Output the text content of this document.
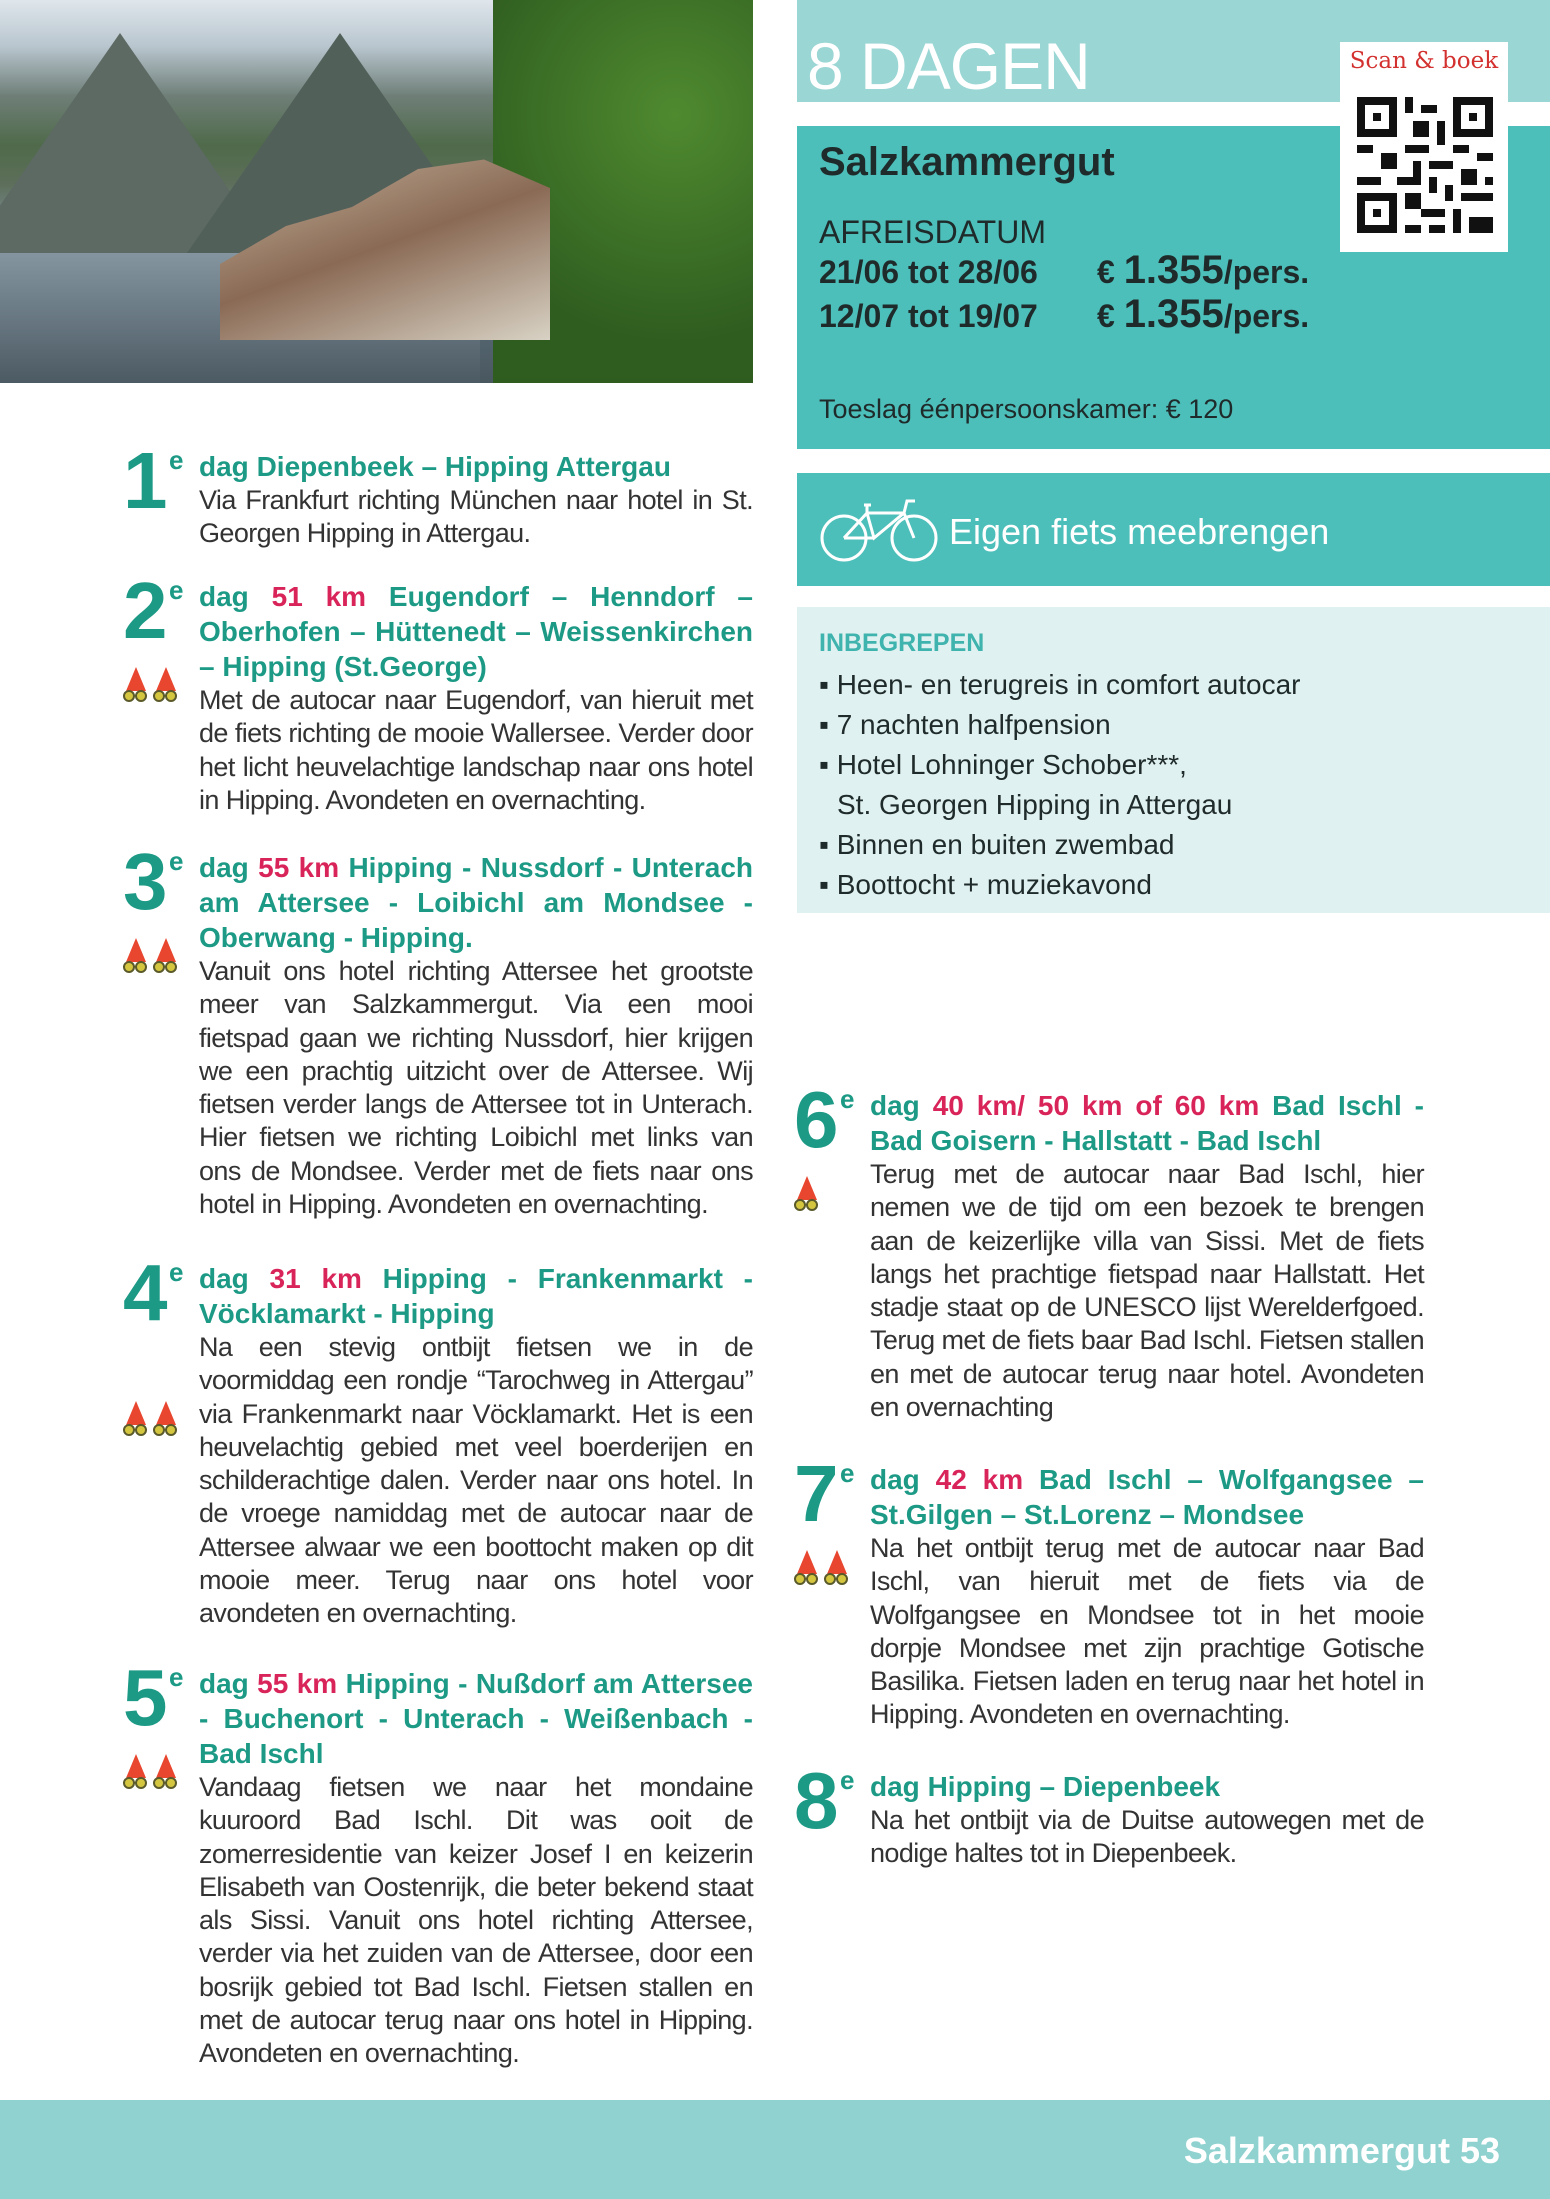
8 DAGEN
Salzkammergut
AFREISDATUM
21/06 tot 28/06 € 1.355/pers.
12/07 tot 19/07 € 1.355/pers.
Toeslag éénpersoonskamer: € 120
Scan & boek
Eigen fiets meebrengen
INBEGREPEN
▪ Heen- en terugreis in comfort autocar
▪ 7 nachten halfpension
▪ Hotel Lohninger Schober***,
St. Georgen Hipping in Attergau
▪ Binnen en buiten zwembad
▪ Boottocht + muziekavond
1 e dag Diepenbeek – Hipping Attergau
Via Frankfurt richting München naar hotel in St. Georgen Hipping in Attergau.
2 e dag 51 km Eugendorf – Henndorf – Oberhofen – Hüttenedt – Weissenkirchen – Hipping (St.George)
Met de autocar naar Eugendorf, van hieruit met de fiets richting de mooie Wallersee. Verder door het licht heuvelachtige landschap naar ons hotel in Hipping. Avondeten en overnachting.
3 e dag 55 km Hipping - Nussdorf - Unterach am Attersee - Loibichl am Mondsee - Oberwang - Hipping.
Vanuit ons hotel richting Attersee het grootste meer van Salzkammergut. Via een mooi fietspad gaan we richting Nussdorf, hier krijgen we een prachtig uitzicht over de Attersee. Wij fietsen verder langs de Attersee tot in Unterach. Hier fietsen we richting Loibichl met links van ons de Mondsee. Verder met de fiets naar ons hotel in Hipping. Avondeten en overnachting.
4 e dag 31 km Hipping - Frankenmarkt - Vöcklamarkt - Hipping
Na een stevig ontbijt fietsen we in de voormiddag een rondje “Tarochweg in Attergau” via Frankenmarkt naar Vöcklamarkt. Het is een heuvelachtig gebied met veel boerderijen en schilderachtige dalen. Verder naar ons hotel. In de vroege namiddag met de autocar naar de Attersee alwaar we een boottocht maken op dit mooie meer. Terug naar ons hotel voor avondeten en overnachting.
5 e dag 55 km Hipping - Nußdorf am Attersee - Buchenort - Unterach - Weißenbach - Bad Ischl
Vandaag fietsen we naar het mondaine kuuroord Bad Ischl. Dit was ooit de zomerresidentie van keizer Josef I en keizerin Elisabeth van Oostenrijk, die beter bekend staat als Sissi. Vanuit ons hotel richting Attersee, verder via het zuiden van de Attersee, door een bosrijk gebied tot Bad Ischl. Fietsen stallen en met de autocar terug naar ons hotel in Hipping. Avondeten en overnachting.
6 e dag 40 km/ 50 km of 60 km Bad Ischl - Bad Goisern - Hallstatt - Bad Ischl
Terug met de autocar naar Bad Ischl, hier nemen we de tijd om een bezoek te brengen aan de keizerlijke villa van Sissi. Met de fiets langs het prachtige fietspad naar Hallstatt. Het stadje staat op de UNESCO lijst Werelderfgoed. Terug met de fiets baar Bad Ischl. Fietsen stallen en met de autocar terug naar hotel. Avondeten en overnachting
7 e dag 42 km Bad Ischl – Wolfgangsee – St.Gilgen – St.Lorenz – Mondsee
Na het ontbijt terug met de autocar naar Bad Ischl, van hieruit met de fiets via de Wolfgangsee en Mondsee tot in het mooie dorpje Mondsee met zijn prachtige Gotische Basilika. Fietsen laden en terug naar het hotel in Hipping. Avondeten en overnachting.
8 e dag Hipping – Diepenbeek
Na het ontbijt via de Duitse autowegen met de nodige haltes tot in Diepenbeek.
Salzkammergut 53
